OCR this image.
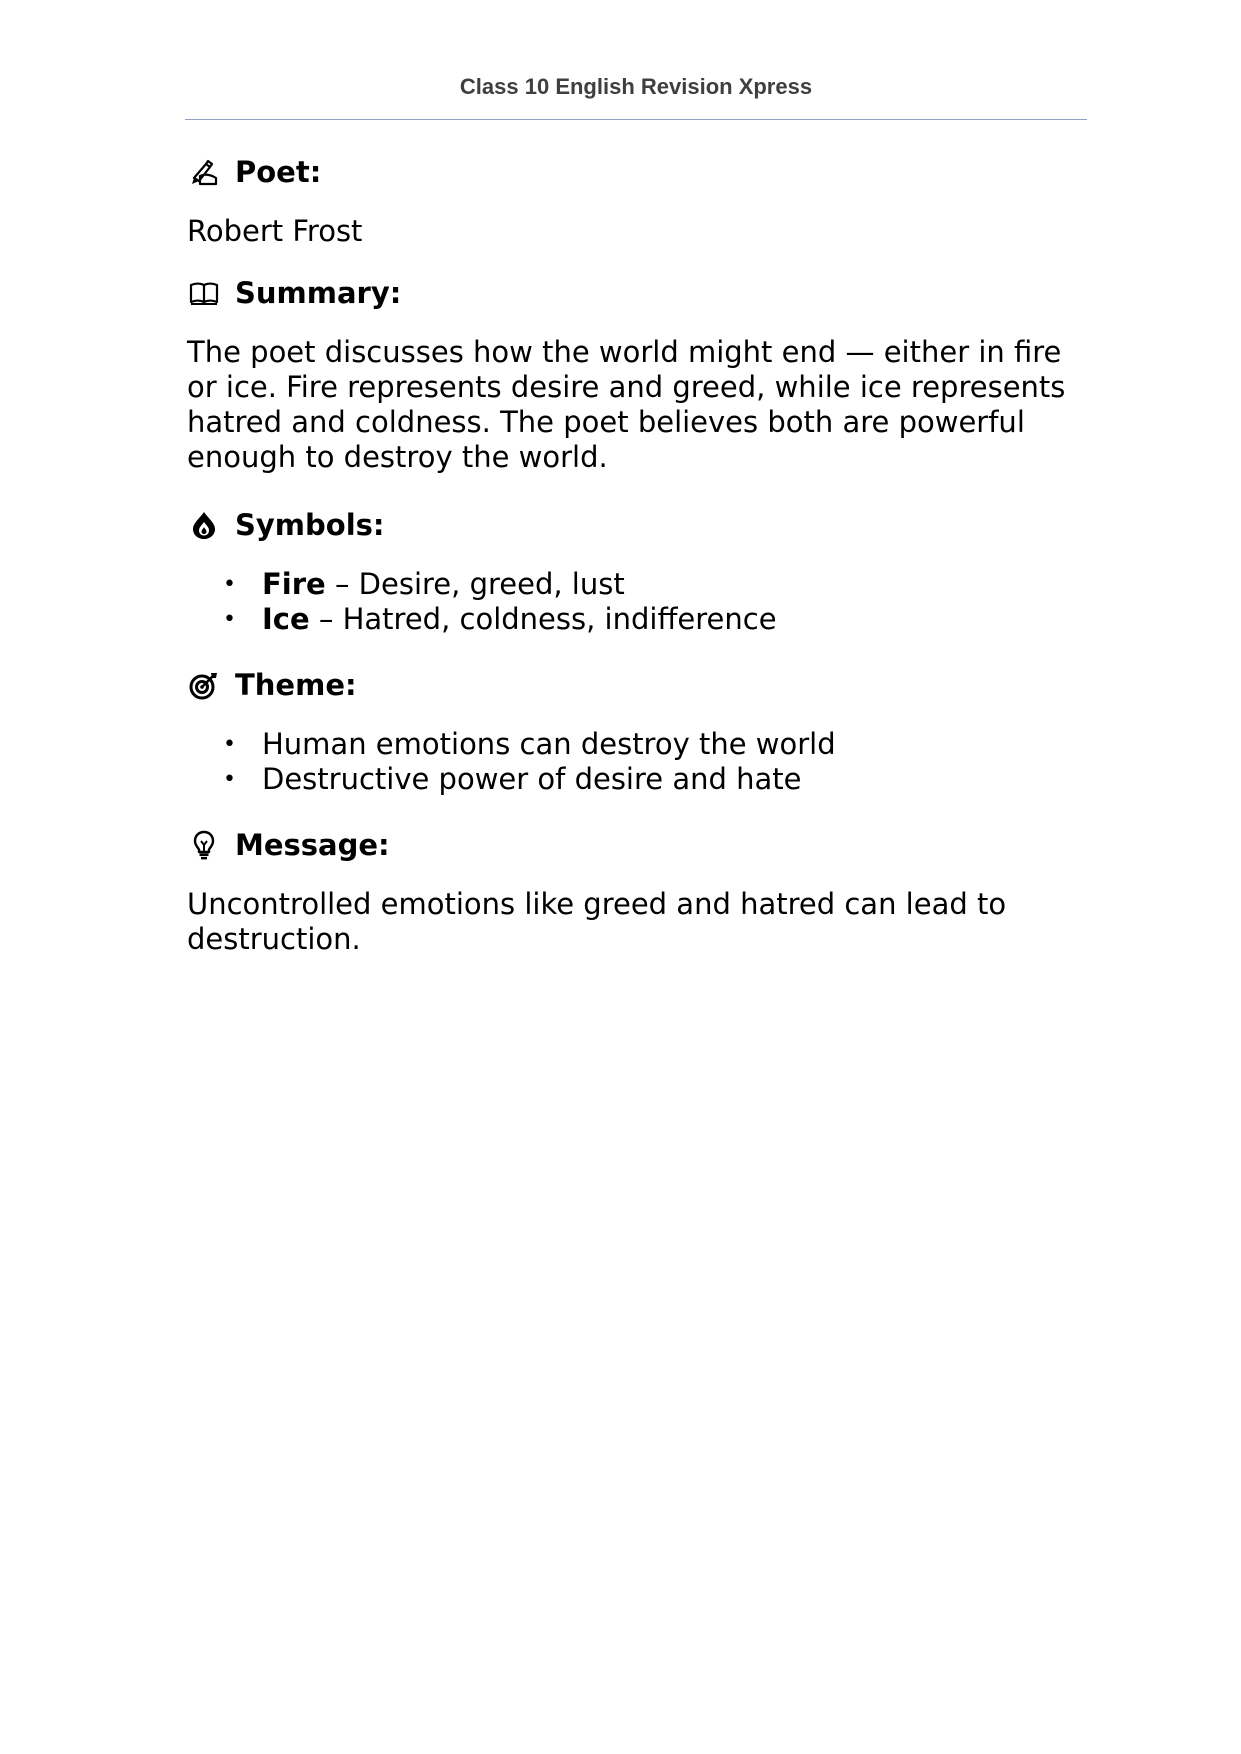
Class 10 English Revision Xpress
Poet:

Robert Frost

Summary:

The poet discusses how the world might end — either in fire or ice. Fire represents desire and greed, while ice represents hatred and coldness. The poet believes both are powerful enough to destroy the world.

Symbols:
• Fire – Desire, greed, lust
• Ice – Hatred, coldness, indifference
Theme:
• Human emotions can destroy the world
• Destructive power of desire and hate
Message:

Uncontrolled emotions like greed and hatred can lead to destruction.
